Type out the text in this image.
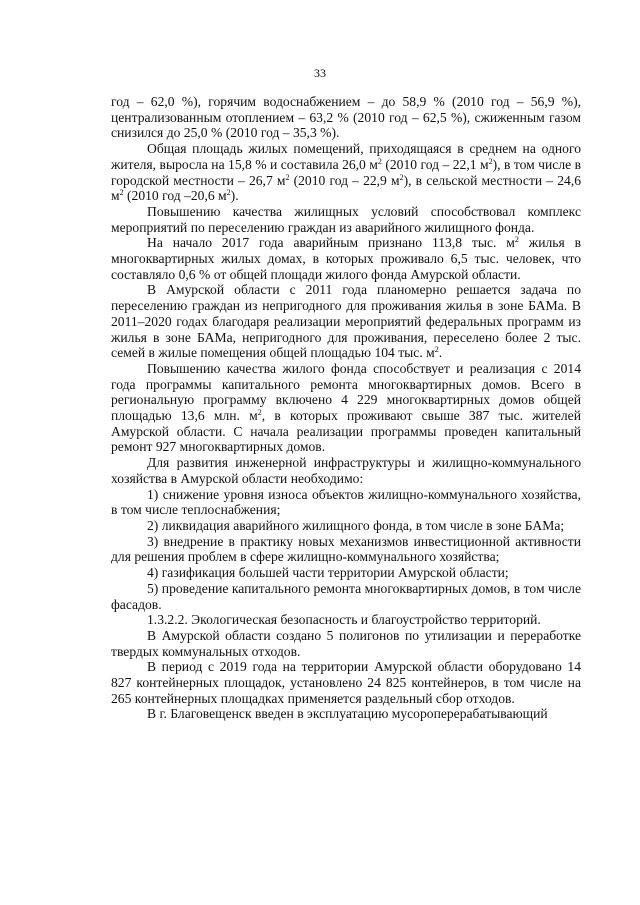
33

год – 62,0 %), горячим водоснабжением – до 58,9 % (2010 год – 56,9 %), централизованным отоплением – 63,2 % (2010 год – 62,5 %), сжиженным газом снизился до 25,0 % (2010 год – 35,3 %).

Общая площадь жилых помещений, приходящаяся в среднем на одного жителя, выросла на 15,8 % и составила 26,0 $м^2$ (2010 год – 22,1 $м^2$), в том числе в городской местности – 26,7 $м^2$ (2010 год – 22,9 $м^2$), в сельской местности – 24,6 $м^2$ (2010 год –20,6 $м^2$).

Повышению качества жилищных условий способствовал комплекс мероприятий по переселению граждан из аварийного жилищного фонда.

На начало 2017 года аварийным признано 113,8 тыс. $м^2$ жилья в многоквартирных жилых домах, в которых проживало 6,5 тыс. человек, что составляло 0,6 % от общей площади жилого фонда Амурской области.

В Амурской области с 2011 года планомерно решается задача по переселению граждан из непригодного для проживания жилья в зоне БАМа. В 2011–2020 годах благодаря реализации мероприятий федеральных программ из жилья в зоне БАМа, непригодного для проживания, переселено более 2 тыс. семей в жилые помещения общей площадью 104 тыс. $м^2$.

Повышению качества жилого фонда способствует и реализация с 2014 года программы капитального ремонта многоквартирных домов. Всего в региональную программу включено 4 229 многоквартирных домов общей площадью 13,6 млн. $м^2$, в которых проживают свыше 387 тыс. жителей Амурской области. С начала реализации программы проведен капитальный ремонт 927 многоквартирных домов.

Для развития инженерной инфраструктуры и жилищно-коммунального хозяйства в Амурской области необходимо:

1) снижение уровня износа объектов жилищно-коммунального хозяйства, в том числе теплоснабжения;

2) ликвидация аварийного жилищного фонда, в том числе в зоне БАМа;

3) внедрение в практику новых механизмов инвестиционной активности для решения проблем в сфере жилищно-коммунального хозяйства;

4) газификация большей части территории Амурской области;

5) проведение капитального ремонта многоквартирных домов, в том числе фасадов.

1.3.2.2. Экологическая безопасность и благоустройство территорий.

В Амурской области создано 5 полигонов по утилизации и переработке твердых коммунальных отходов.

В период с 2019 года на территории Амурской области оборудовано 14 827 контейнерных площадок, установлено 24 825 контейнеров, в том числе на 265 контейнерных площадках применяется раздельный сбор отходов.

В г. Благовещенск введен в эксплуатацию мусороперерабатывающий
